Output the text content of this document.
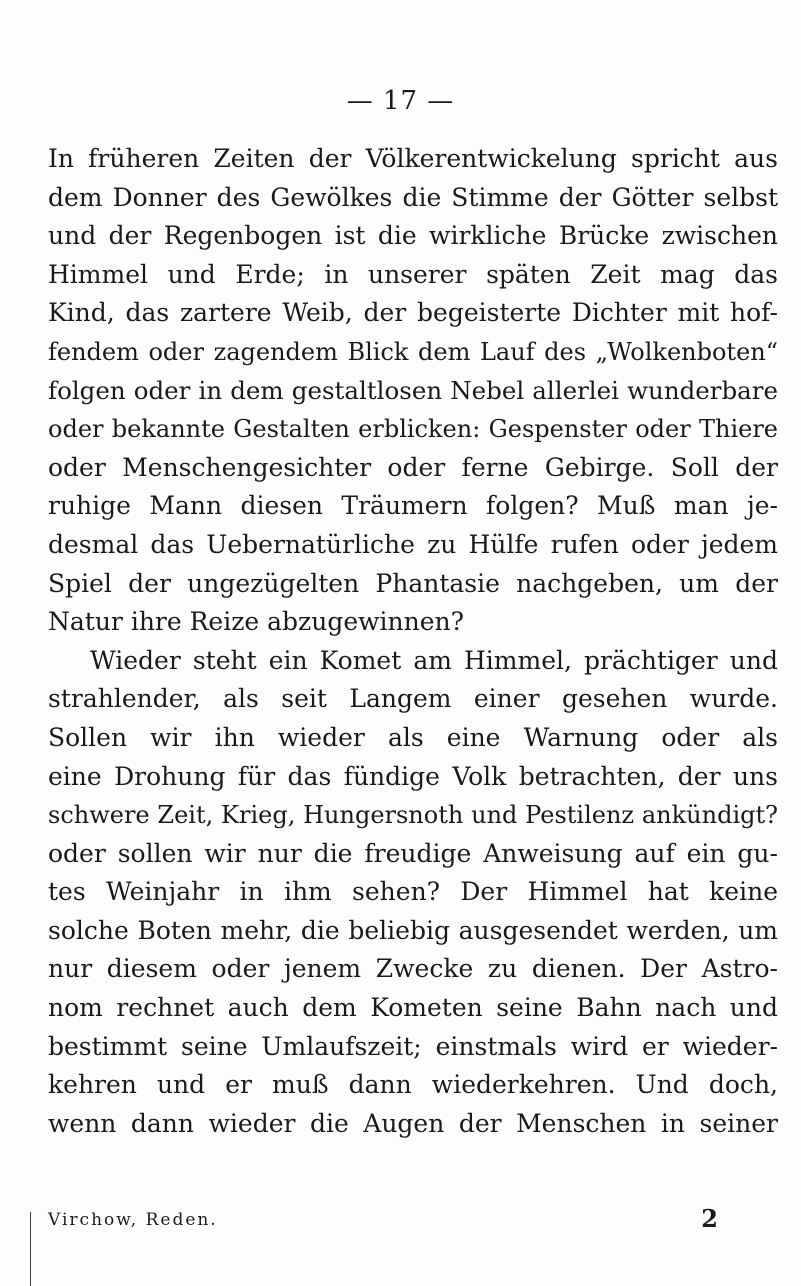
— 17 —
In früheren Zeiten der Völkerentwickelung spricht aus
dem Donner des Gewölkes die Stimme der Götter selbst
und der Regenbogen ist die wirkliche Brücke zwischen
Himmel und Erde; in unserer späten Zeit mag das
Kind, das zartere Weib, der begeisterte Dichter mit hof-
fendem oder zagendem Blick dem Lauf des „Wolkenboten“
folgen oder in dem gestaltlosen Nebel allerlei wunderbare
oder bekannte Gestalten erblicken: Gespenster oder Thiere
oder Menschengesichter oder ferne Gebirge. Soll der
ruhige Mann diesen Träumern folgen? Muß man je-
desmal das Uebernatürliche zu Hülfe rufen oder jedem
Spiel der ungezügelten Phantasie nachgeben, um der
Natur ihre Reize abzugewinnen?
Wieder steht ein Komet am Himmel, prächtiger und
strahlender, als seit Langem einer gesehen wurde.
Sollen wir ihn wieder als eine Warnung oder als
eine Drohung für das fündige Volk betrachten, der uns
schwere Zeit, Krieg, Hungersnoth und Pestilenz ankündigt?
oder sollen wir nur die freudige Anweisung auf ein gu-
tes Weinjahr in ihm sehen? Der Himmel hat keine
solche Boten mehr, die beliebig ausgesendet werden, um
nur diesem oder jenem Zwecke zu dienen. Der Astro-
nom rechnet auch dem Kometen seine Bahn nach und
bestimmt seine Umlaufszeit; einstmals wird er wieder-
kehren und er muß dann wiederkehren. Und doch,
wenn dann wieder die Augen der Menschen in seiner
Virchow, Reden.	2
